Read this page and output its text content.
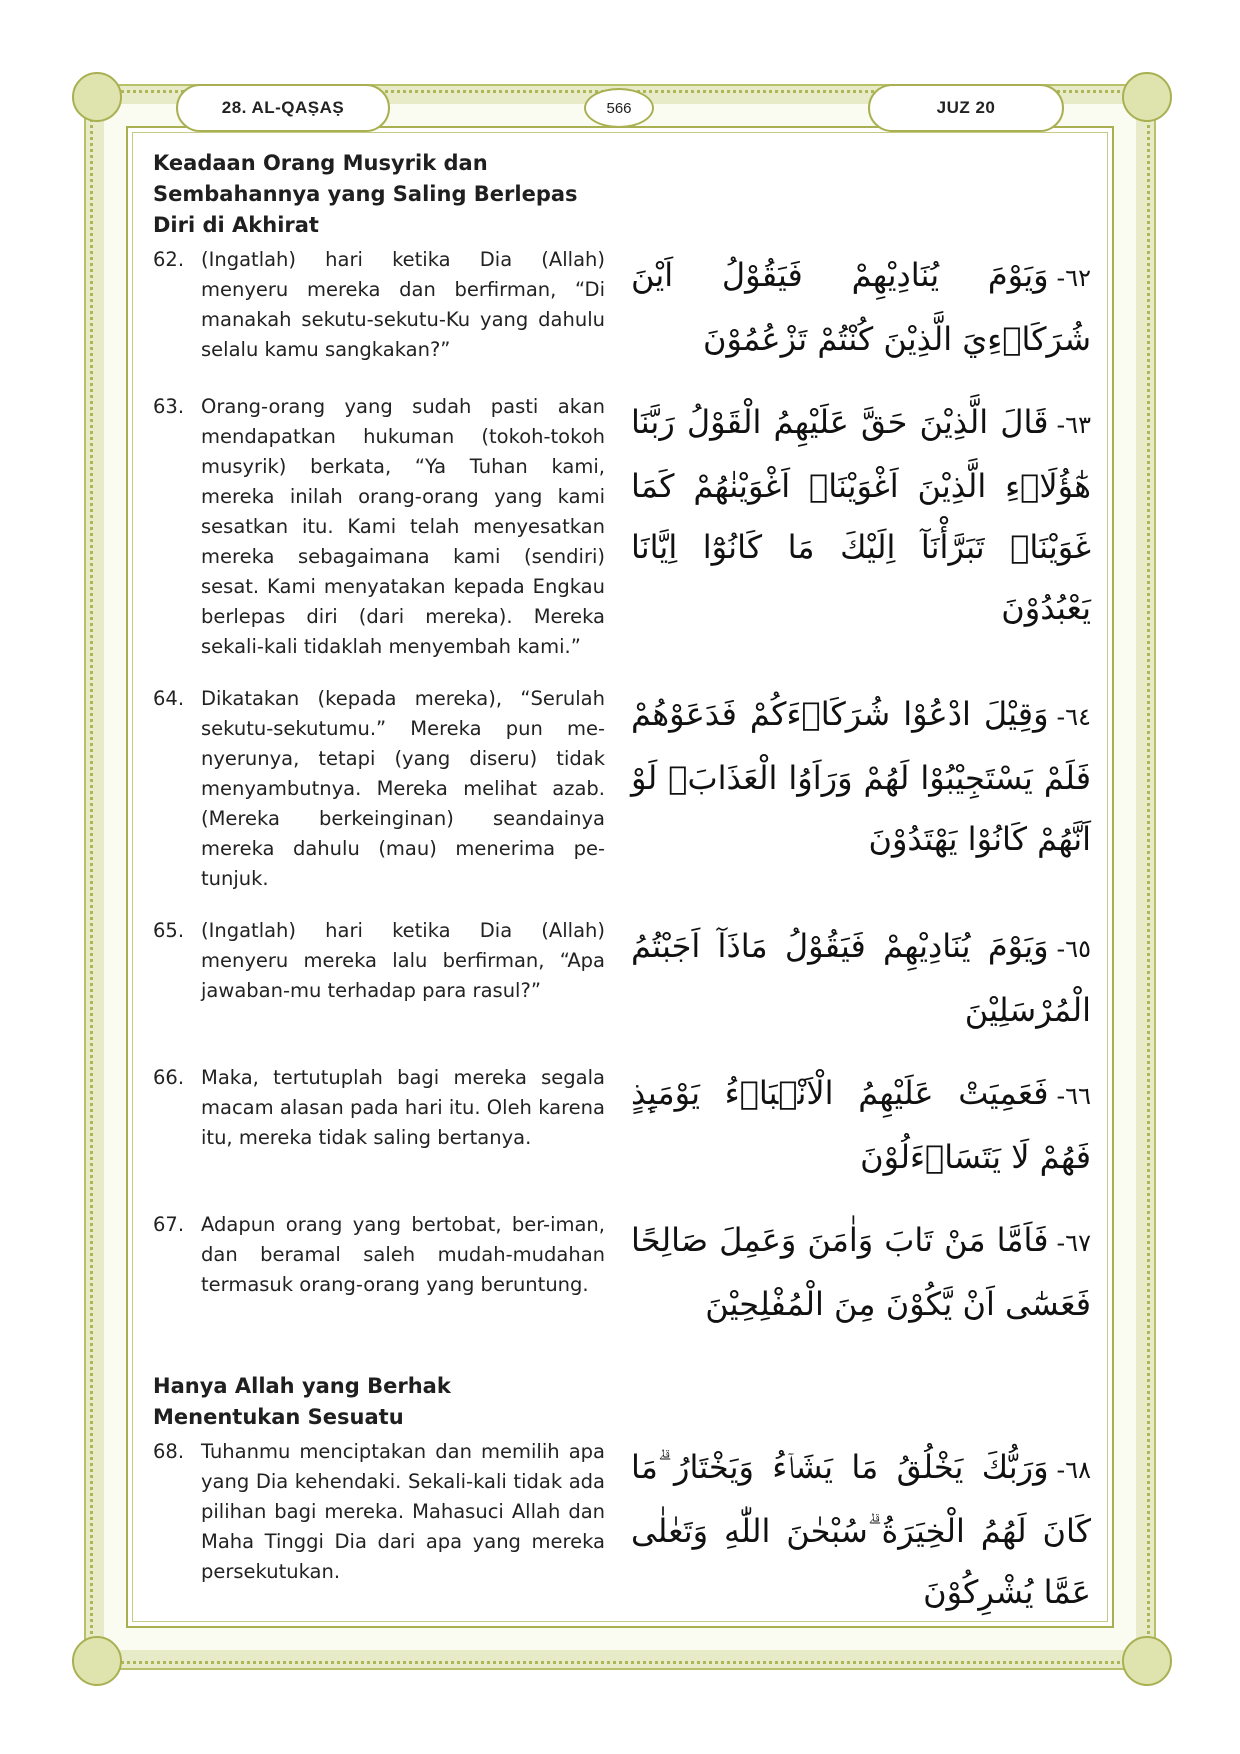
28. AL-QAṢAṢ	566	JUZ 20
Keadaan Orang Musyrik dan Sembahannya yang Saling Berlepas Diri di Akhirat
62. (Ingatlah) hari ketika Dia (Allah) menyeru mereka dan berfirman, “Di manakah sekutu-sekutu-Ku yang dahulu selalu kamu sangkakan?”
٦٢-وَيَوْمَ يُنَادِيْهِمْ فَيَقُوْلُ اَيْنَ شُرَكَاۤءِيَ الَّذِيْنَ كُنْتُمْ تَزْعُمُوْنَ
63. Orang-orang yang sudah pasti akan mendapatkan hukuman (tokoh-tokoh musyrik) berkata, “Ya Tuhan kami, mereka inilah orang-orang yang kami sesatkan itu. Kami telah menyesatkan mereka sebagaimana kami (sendiri) sesat. Kami menyatakan kepada Engkau berlepas diri (dari mereka). Mereka sekali-kali tidaklah menyembah kami.”
٦٣-قَالَ الَّذِيْنَ حَقَّ عَلَيْهِمُ الْقَوْلُ رَبَّنَا هٰٓؤُلَاۤءِ الَّذِيْنَ اَغْوَيْنَاۚ اَغْوَيْنٰهُمْ كَمَا غَوَيْنَاۚ تَبَرَّأْنَآ اِلَيْكَ مَا كَانُوْٓا اِيَّانَا يَعْبُدُوْنَ
64. Dikatakan (kepada mereka), “Serulah sekutu-sekutumu.” Mereka pun me-nyerunya, tetapi (yang diseru) tidak menyambutnya. Mereka melihat azab. (Mereka berkeinginan) seandainya mereka dahulu (mau) menerima pe-tunjuk.
٦٤-وَقِيْلَ ادْعُوْا شُرَكَاۤءَكُمْ فَدَعَوْهُمْ فَلَمْ يَسْتَجِيْبُوْا لَهُمْ وَرَاَوُا الْعَذَابَۚ لَوْ اَنَّهُمْ كَانُوْا يَهْتَدُوْنَ
65. (Ingatlah) hari ketika Dia (Allah) menyeru mereka lalu berfirman, “Apa jawaban-mu terhadap para rasul?”
٦٥-وَيَوْمَ يُنَادِيْهِمْ فَيَقُوْلُ مَاذَآ اَجَبْتُمُ الْمُرْسَلِيْنَ
66. Maka, tertutuplah bagi mereka segala macam alasan pada hari itu. Oleh karena itu, mereka tidak saling bertanya.
٦٦-فَعَمِيَتْ عَلَيْهِمُ الْاَنْۢبَاۤءُ يَوْمَىِٕذٍ فَهُمْ لَا يَتَسَاۤءَلُوْنَ
67. Adapun orang yang bertobat, ber-iman, dan beramal saleh mudah-mudahan termasuk orang-orang yang beruntung.
٦٧-فَاَمَّا مَنْ تَابَ وَاٰمَنَ وَعَمِلَ صَالِحًا فَعَسٰٓى اَنْ يَّكُوْنَ مِنَ الْمُفْلِحِيْنَ
Hanya Allah yang Berhak Menentukan Sesuatu
68. Tuhanmu menciptakan dan memilih apa yang Dia kehendaki. Sekali-kali tidak ada pilihan bagi mereka. Mahasuci Allah dan Maha Tinggi Dia dari apa yang mereka persekutukan.
٦٨-وَرَبُّكَ يَخْلُقُ مَا يَشَاۤءُ وَيَخْتَارُ ۗمَا كَانَ لَهُمُ الْخِيَرَةُ ۗسُبْحٰنَ اللّٰهِ وَتَعٰلٰى عَمَّا يُشْرِكُوْنَ
